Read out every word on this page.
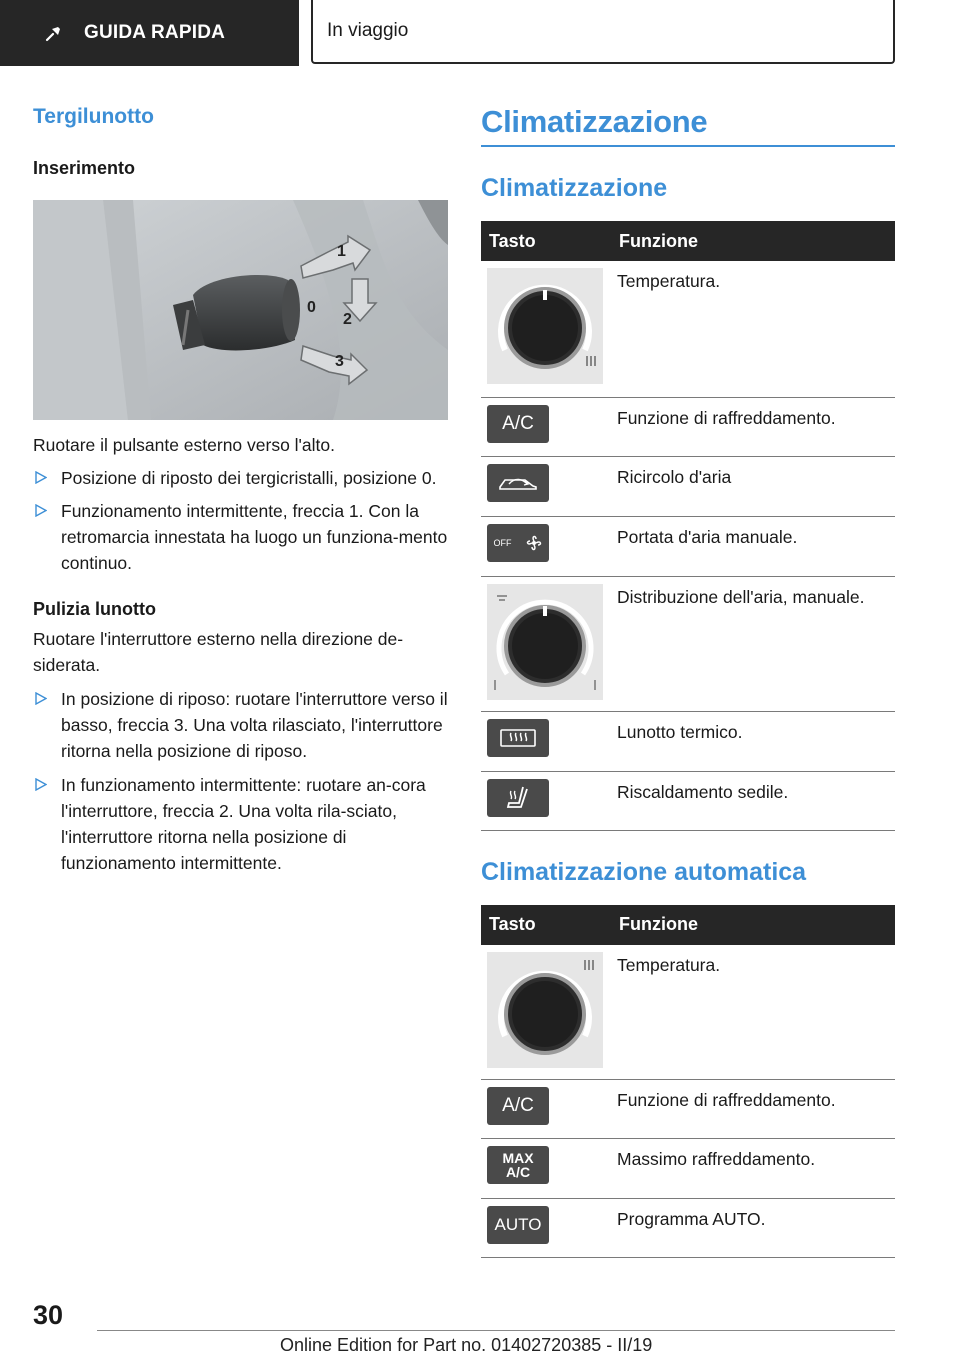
GUIDA RAPIDA	In viaggio
Tergilunotto
Inserimento
1
0
2
3

Ruotare il pulsante esterno verso l'alto.

Posizione di riposto dei tergicristalli, posizione 0.
Funzionamento intermittente, freccia 1. Con la retromarcia innestata ha luogo un funziona-mento continuo.
Pulizia lunotto

Ruotare l'interruttore esterno nella direzione de-siderata.

In posizione di riposo: ruotare l'interruttore verso il basso, freccia 3. Una volta rilasciato, l'interruttore ritorna nella posizione di riposo.
In funzionamento intermittente: ruotare an-cora l'interruttore, freccia 2. Una volta rila-sciato, l'interruttore ritorna nella posizione di funzionamento intermittente.
Climatizzazione
Climatizzazione
Tasto	Funzione

	Temperatura.

A/C	Funzione di raffreddamento.

	Ricircolo d'aria

OFF	Portata d'aria manuale.

	Distribuzione dell'aria, manuale.

	Lunotto termico.

	Riscaldamento sedile.
Climatizzazione automatica
Tasto	Funzione

	Temperatura.

A/C	Funzione di raffreddamento.

MAX A/C	Massimo raffreddamento.

AUTO	Programma AUTO.
30
Online Edition for Part no. 01402720385 - II/19
